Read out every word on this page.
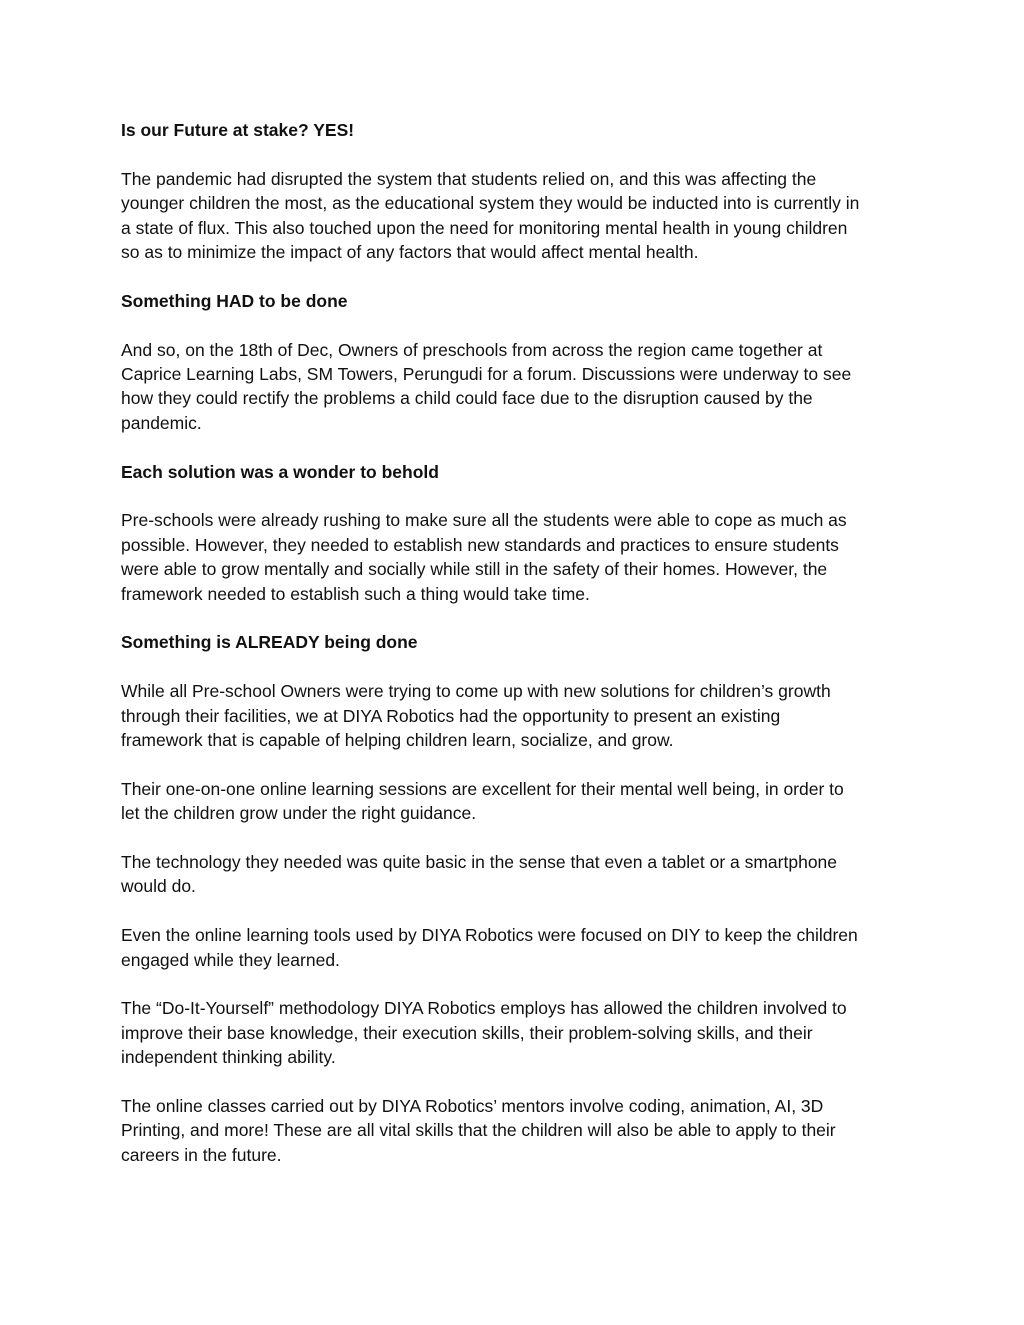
Is our Future at stake? YES!
The pandemic had disrupted the system that students relied on, and this was affecting the
younger children the most, as the educational system they would be inducted into is currently in
a state of flux. This also touched upon the need for monitoring mental health in young children
so as to minimize the impact of any factors that would affect mental health.
Something HAD to be done
And so, on the 18th of Dec, Owners of preschools from across the region came together at
Caprice Learning Labs, SM Towers, Perungudi for a forum. Discussions were underway to see
how they could rectify the problems a child could face due to the disruption caused by the
pandemic.
Each solution was a wonder to behold
Pre-schools were already rushing to make sure all the students were able to cope as much as
possible. However, they needed to establish new standards and practices to ensure students
were able to grow mentally and socially while still in the safety of their homes. However, the
framework needed to establish such a thing would take time.
Something is ALREADY being done
While all Pre-school Owners were trying to come up with new solutions for children’s growth
through their facilities, we at DIYA Robotics had the opportunity to present an existing
framework that is capable of helping children learn, socialize, and grow.
Their one-on-one online learning sessions are excellent for their mental well being, in order to
let the children grow under the right guidance.
The technology they needed was quite basic in the sense that even a tablet or a smartphone
would do.
Even the online learning tools used by DIYA Robotics were focused on DIY to keep the children
engaged while they learned.
The “Do-It-Yourself” methodology DIYA Robotics employs has allowed the children involved to
improve their base knowledge, their execution skills, their problem-solving skills, and their
independent thinking ability.
The online classes carried out by DIYA Robotics’ mentors involve coding, animation, AI, 3D
Printing, and more! These are all vital skills that the children will also be able to apply to their
careers in the future.
